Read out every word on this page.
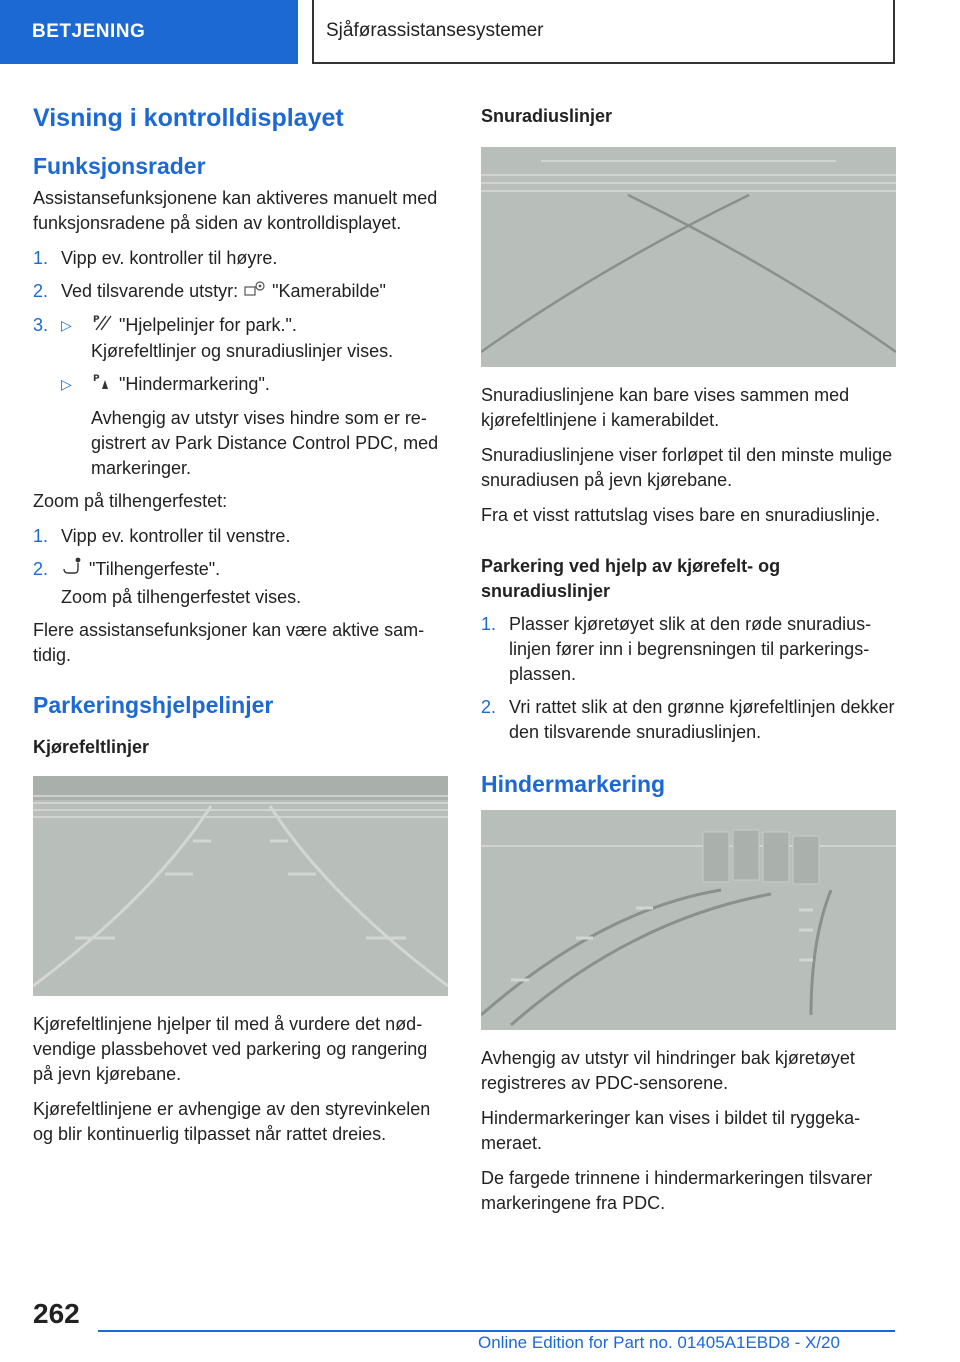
BETJENING	Sjåførassistansesystemer
Visning i kontrolldisplayet
Funksjonsrader

Assistansefunksjonene kan aktiveres manuelt med funksjonsradene på siden av kontrolldisplayet.

1. Vipp ev. kontroller til høyre.
2. Ved tilsvarende utstyr: "Kamerabilde"
3. ▷	P "Hjelpelinjer for park.".
Kjørefeltlinjer og snuradiuslinjer vises.
▷	P "Hindermarkering".
Avhengig av utstyr vises hindre som er registrert av Park Distance Control PDC, med markeringer.

Zoom på tilhengerfestet:

1. Vipp ev. kontroller til venstre.
2.	"Tilhengerfeste".
Zoom på tilhengerfestet vises.

Flere assistansefunksjoner kan være aktive samtidig.

Parkeringshjelpelinjer
Kjørefeltlinjer

Kjørefeltlinjene hjelper til med å vurdere det nødvendige plassbehovet ved parkering og rangering på jevn kjørebane.

Kjørefeltlinjene er avhengige av den styrevinkelen og blir kontinuerlig tilpasset når rattet dreies.

Snuradiuslinjer

Snuradiuslinjene kan bare vises sammen med kjørefeltlinjene i kamerabildet.

Snuradiuslinjene viser forløpet til den minste mulige snuradiusen på jevn kjørebane.

Fra et visst rattutslag vises bare en snuradiuslinje.

Parkering ved hjelp av kjørefelt- og snuradiuslinjer
1. Plasser kjøretøyet slik at den røde snuradiuslinjen fører inn i begrensningen til parkeringsplassen.
2. Vri rattet slik at den grønne kjørefeltlinjen dekker den tilsvarende snuradiuslinjen.
Hindermarkering

Avhengig av utstyr vil hindringer bak kjøretøyet registreres av PDC-sensorene.

Hindermarkeringer kan vises i bildet til ryggekameraet.

De fargede trinnene i hindermarkeringen tilsvarer markeringene fra PDC.

262
Online Edition for Part no. 01405A1EBD8 - X/20
